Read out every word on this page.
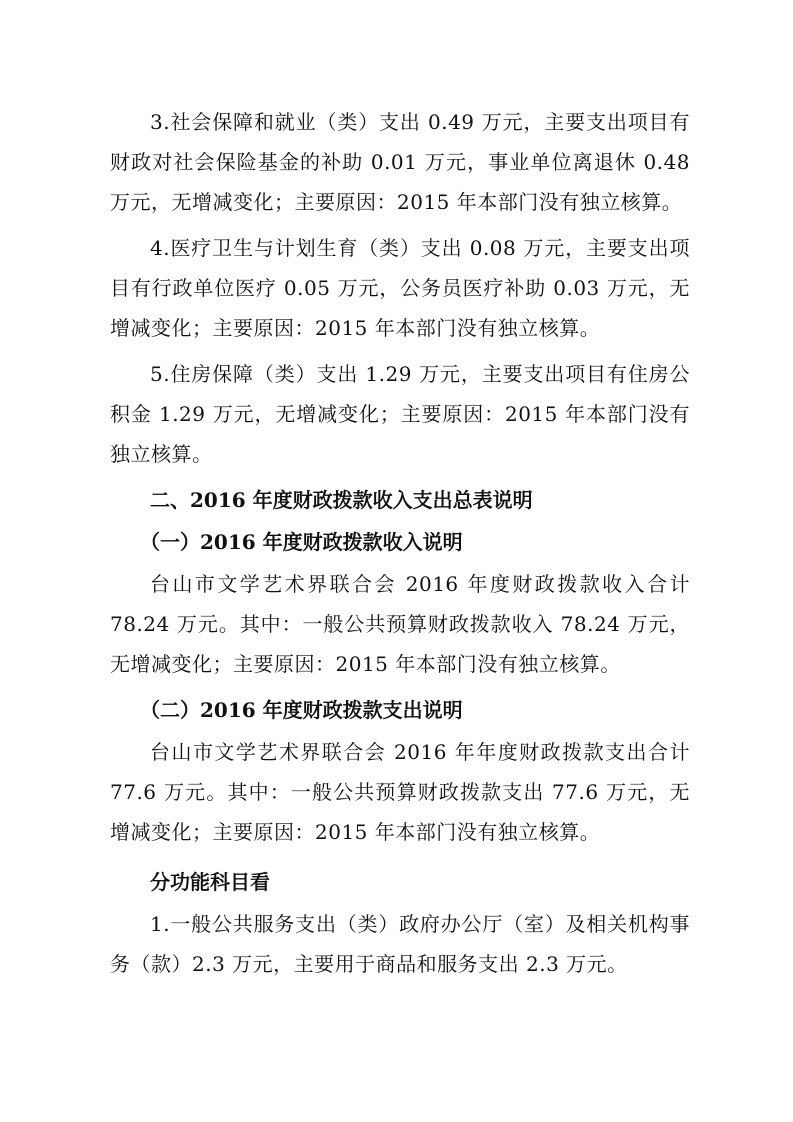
3.社会保障和就业（类）支出 0.49 万元，主要支出项目有财政对社会保险基金的补助 0.01 万元，事业单位离退休 0.48 万元，无增减变化；主要原因：2015 年本部门没有独立核算。

4.医疗卫生与计划生育（类）支出 0.08 万元，主要支出项目有行政单位医疗 0.05 万元，公务员医疗补助 0.03 万元，无增减变化；主要原因：2015 年本部门没有独立核算。

5.住房保障（类）支出 1.29 万元，主要支出项目有住房公积金 1.29 万元，无增减变化；主要原因：2015 年本部门没有独立核算。

二、2016 年度财政拨款收入支出总表说明

（一）2016 年度财政拨款收入说明

台山市文学艺术界联合会 2016 年度财政拨款收入合计 78.24 万元。其中：一般公共预算财政拨款收入 78.24 万元，无增减变化；主要原因：2015 年本部门没有独立核算。

（二）2016 年度财政拨款支出说明

台山市文学艺术界联合会 2016 年年度财政拨款支出合计 77.6 万元。其中：一般公共预算财政拨款支出 77.6 万元，无增减变化；主要原因：2015 年本部门没有独立核算。

分功能科目看

1.一般公共服务支出（类）政府办公厅（室）及相关机构事务（款）2.3 万元，主要用于商品和服务支出 2.3 万元。
